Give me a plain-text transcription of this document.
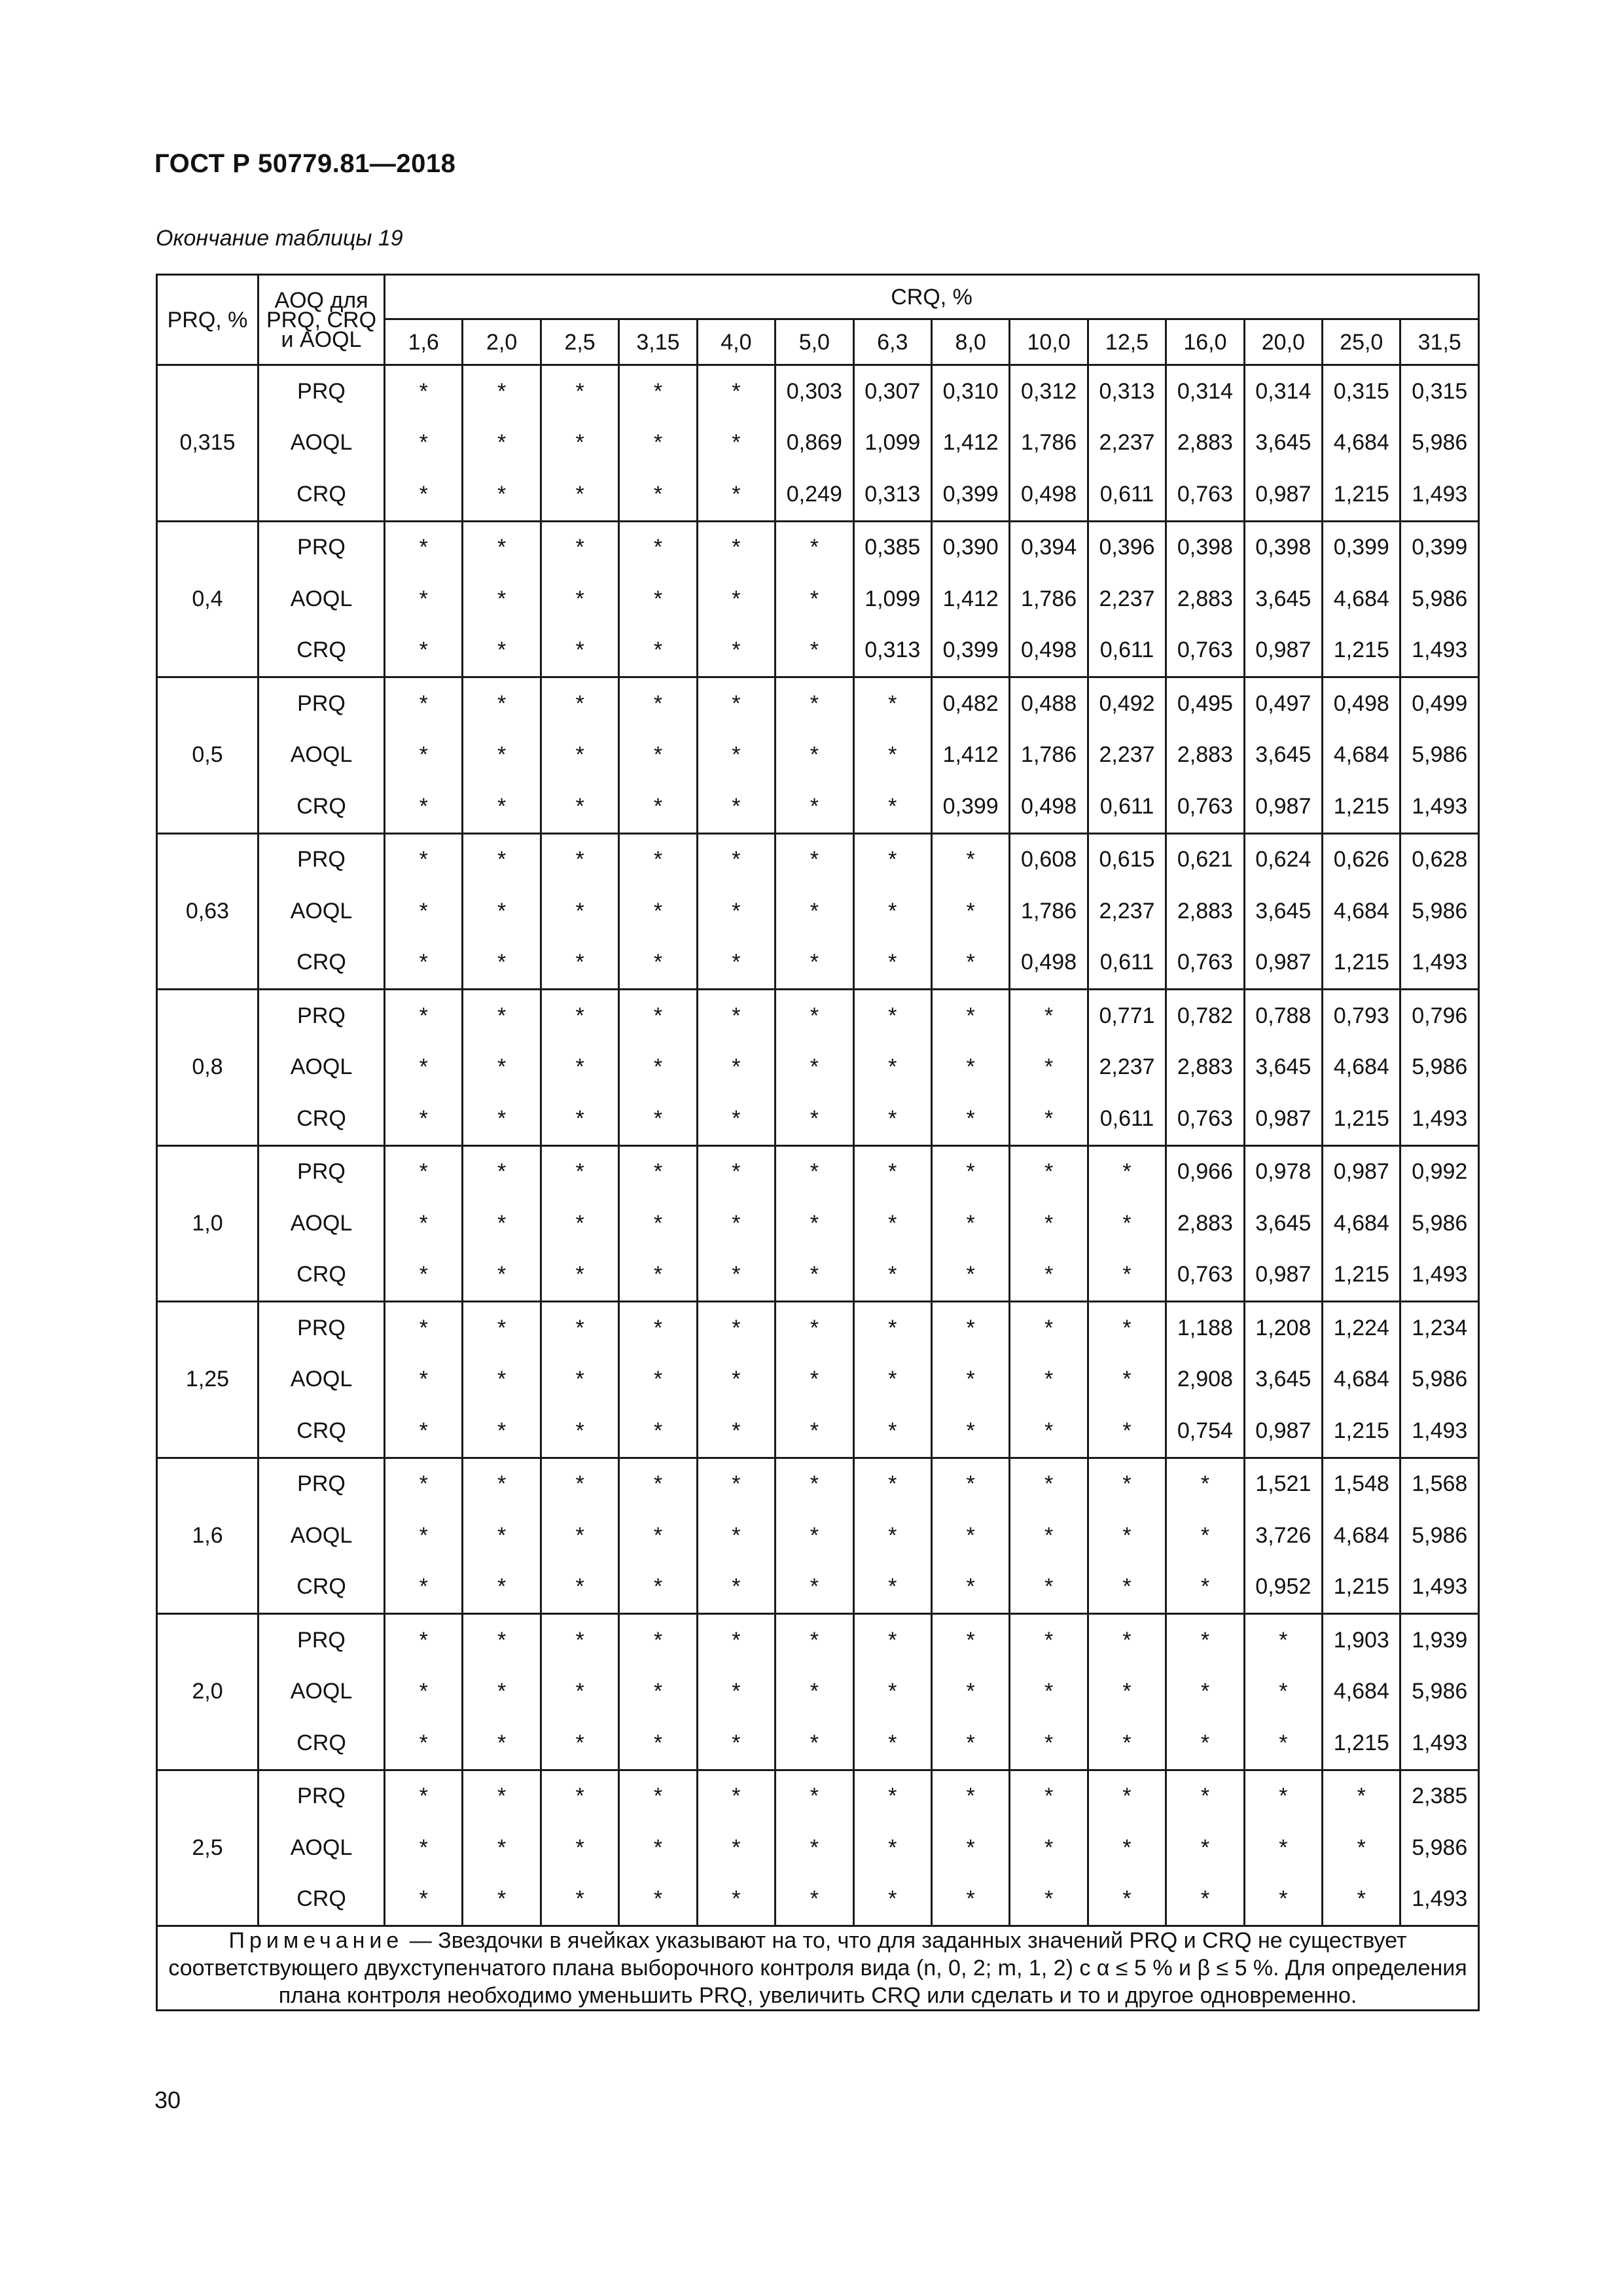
ГОСТ Р 50779.81—2018
Окончание таблицы 19
PRQ, %	AOQ для PRQ, CRQ и AOQL	CRQ, %													
		1,6	2,0	2,5	3,15	4,0	5,0	6,3	8,0	10,0	12,5	16,0	20,0	25,0	31,5
0,315	PRQ	*	*	*	*	*	0,303	0,307	0,310	0,312	0,313	0,314	0,314	0,315	0,315
	AOQL	*	*	*	*	*	0,869	1,099	1,412	1,786	2,237	2,883	3,645	4,684	5,986
	CRQ	*	*	*	*	*	0,249	0,313	0,399	0,498	0,611	0,763	0,987	1,215	1,493
0,4	PRQ	*	*	*	*	*	*	0,385	0,390	0,394	0,396	0,398	0,398	0,399	0,399
	AOQL	*	*	*	*	*	*	1,099	1,412	1,786	2,237	2,883	3,645	4,684	5,986
	CRQ	*	*	*	*	*	*	0,313	0,399	0,498	0,611	0,763	0,987	1,215	1,493
0,5	PRQ	*	*	*	*	*	*	*	0,482	0,488	0,492	0,495	0,497	0,498	0,499
	AOQL	*	*	*	*	*	*	*	1,412	1,786	2,237	2,883	3,645	4,684	5,986
	CRQ	*	*	*	*	*	*	*	0,399	0,498	0,611	0,763	0,987	1,215	1,493
0,63	PRQ	*	*	*	*	*	*	*	*	0,608	0,615	0,621	0,624	0,626	0,628
	AOQL	*	*	*	*	*	*	*	*	1,786	2,237	2,883	3,645	4,684	5,986
	CRQ	*	*	*	*	*	*	*	*	0,498	0,611	0,763	0,987	1,215	1,493
0,8	PRQ	*	*	*	*	*	*	*	*	*	0,771	0,782	0,788	0,793	0,796
	AOQL	*	*	*	*	*	*	*	*	*	2,237	2,883	3,645	4,684	5,986
	CRQ	*	*	*	*	*	*	*	*	*	0,611	0,763	0,987	1,215	1,493
1,0	PRQ	*	*	*	*	*	*	*	*	*	*	0,966	0,978	0,987	0,992
	AOQL	*	*	*	*	*	*	*	*	*	*	2,883	3,645	4,684	5,986
	CRQ	*	*	*	*	*	*	*	*	*	*	0,763	0,987	1,215	1,493
1,25	PRQ	*	*	*	*	*	*	*	*	*	*	1,188	1,208	1,224	1,234
	AOQL	*	*	*	*	*	*	*	*	*	*	2,908	3,645	4,684	5,986
	CRQ	*	*	*	*	*	*	*	*	*	*	0,754	0,987	1,215	1,493
1,6	PRQ	*	*	*	*	*	*	*	*	*	*	*	1,521	1,548	1,568
	AOQL	*	*	*	*	*	*	*	*	*	*	*	3,726	4,684	5,986
	CRQ	*	*	*	*	*	*	*	*	*	*	*	0,952	1,215	1,493
2,0	PRQ	*	*	*	*	*	*	*	*	*	*	*	*	1,903	1,939
	AOQL	*	*	*	*	*	*	*	*	*	*	*	*	4,684	5,986
	CRQ	*	*	*	*	*	*	*	*	*	*	*	*	1,215	1,493
2,5	PRQ	*	*	*	*	*	*	*	*	*	*	*	*	*	2,385
	AOQL	*	*	*	*	*	*	*	*	*	*	*	*	*	5,986
	CRQ	*	*	*	*	*	*	*	*	*	*	*	*	*	1,493
Примечание — Звездочки в ячейках указывают на то, что для заданных значений PRQ и CRQ не существует соответствующего двухступенчатого плана выборочного контроля вида (n, 0, 2; m, 1, 2) с α ≤ 5 % и β ≤ 5 %. Для определения плана контроля необходимо уменьшить PRQ, увеличить CRQ или сделать и то и другое одновременно.															
30
